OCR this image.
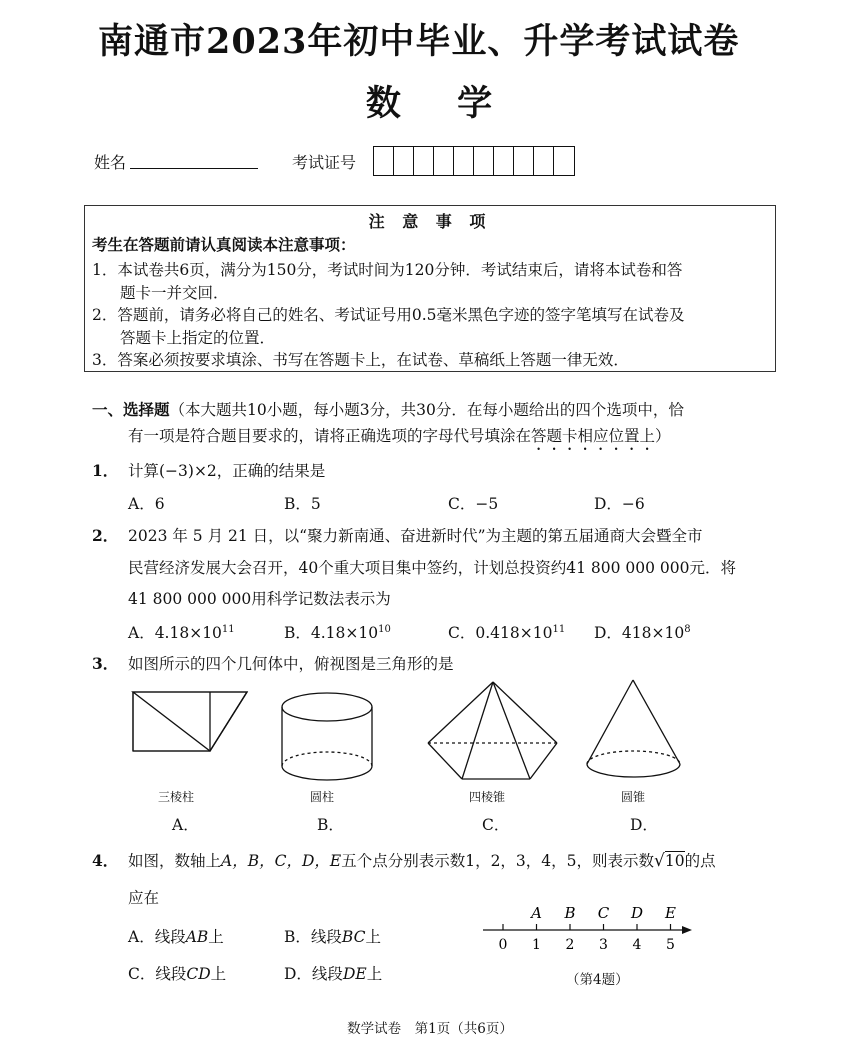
南通市2023年初中毕业、升学考试试卷
数 学
姓名	考试证号
注 意 事 项
考生在答题前请认真阅读本注意事项：
1．本试卷共6页，满分为150分，考试时间为120分钟．考试结束后，请将本试卷和答
题卡一并交回．
2．答题前，请务必将自己的姓名、考试证号用0.5毫米黑色字迹的签字笔填写在试卷及
答题卡上指定的位置．
3．答案必须按要求填涂、书写在答题卡上，在试卷、草稿纸上答题一律无效．
一、选择题（本大题共10小题，每小题3分，共30分．在每小题给出的四个选项中，恰
有一项是符合题目要求的，请将正确选项的字母代号填涂在答题卡相应位置上）
1． 计算(−3)×2，正确的结果是
A．6	B．5	C．−5	D．−6
2． 2023 年 5 月 21 日，以“聚力新南通、奋进新时代”为主题的第五届通商大会暨全市
民营经济发展大会召开，40个重大项目集中签约，计划总投资约41 800 000 000元．将
41 800 000 000用科学记数法表示为
A．$4.18\times 10^{11}$	B．$4.18\times 10^{10}$	C．$0.418\times 10^{11}$ D．$418\times 10^8$
3． 如图所示的四个几何体中，俯视图是三角形的是
三棱柱	圆柱	四棱锥	圆锥
A．	B．	C．	D．
4． 如图，数轴上A，B，C，D，E五个点分别表示数1，2，3，4，5，则表示数√10的点
应在
A．线段AB上	B．线段BC上
C．线段CD上	D．线段DE上
0 1 2 3 4 5
A B C D E
（第4题）
数学试卷　第1页（共6页）
